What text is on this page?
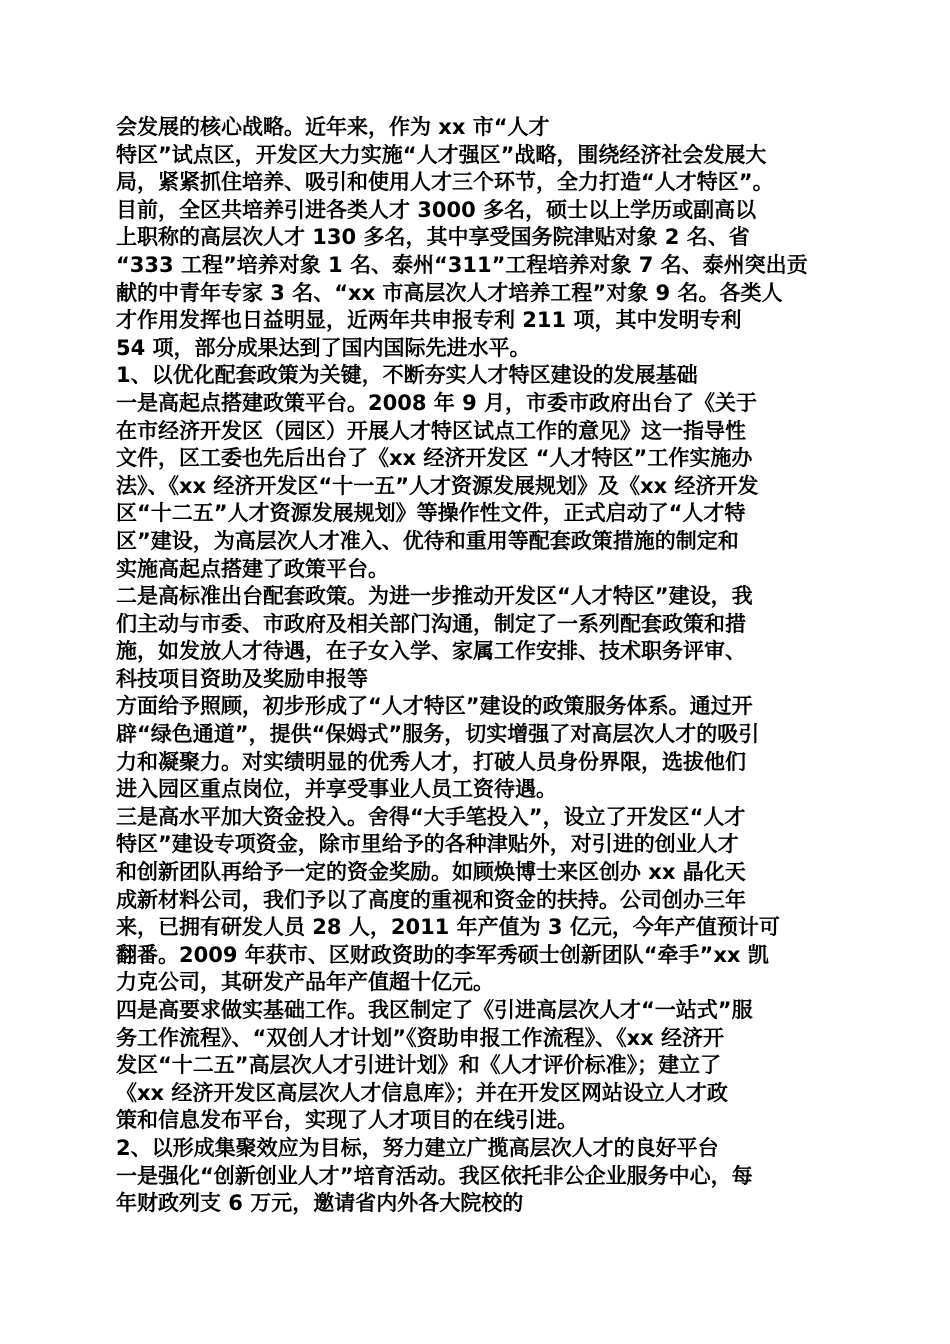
会发展的核心战略。近年来，作为 xx 市“人才
特区”试点区，开发区大力实施“人才强区”战略，围绕经济社会发展大
局，紧紧抓住培养、吸引和使用人才三个环节，全力打造“人才特区”。
目前，全区共培养引进各类人才 3000 多名，硕士以上学历或副高以
上职称的高层次人才 130 多名，其中享受国务院津贴对象 2 名、省
“333 工程”培养对象 1 名、泰州“311”工程培养对象 7 名、泰州突出贡
献的中青年专家 3 名、“xx 市高层次人才培养工程”对象 9 名。各类人
才作用发挥也日益明显，近两年共申报专利 211 项，其中发明专利
54 项，部分成果达到了国内国际先进水平。
1、以优化配套政策为关键，不断夯实人才特区建设的发展基础
一是高起点搭建政策平台。2008 年 9 月，市委市政府出台了《关于
在市经济开发区（园区）开展人才特区试点工作的意见》这一指导性
文件，区工委也先后出台了《xx 经济开发区 “人才特区”工作实施办
法》、《xx 经济开发区“十一五”人才资源发展规划》及《xx 经济开发
区“十二五”人才资源发展规划》等操作性文件，正式启动了“人才特
区”建设，为高层次人才准入、优待和重用等配套政策措施的制定和
实施高起点搭建了政策平台。
二是高标准出台配套政策。为进一步推动开发区“人才特区”建设，我
们主动与市委、市政府及相关部门沟通，制定了一系列配套政策和措
施，如发放人才待遇，在子女入学、家属工作安排、技术职务评审、
科技项目资助及奖励申报等
方面给予照顾，初步形成了“人才特区”建设的政策服务体系。通过开
辟“绿色通道”，提供“保姆式”服务，切实增强了对高层次人才的吸引
力和凝聚力。对实绩明显的优秀人才，打破人员身份界限，选拔他们
进入园区重点岗位，并享受事业人员工资待遇。
三是高水平加大资金投入。舍得“大手笔投入”，设立了开发区“人才
特区”建设专项资金，除市里给予的各种津贴外，对引进的创业人才
和创新团队再给予一定的资金奖励。如顾焕博士来区创办 xx 晶化天
成新材料公司，我们予以了高度的重视和资金的扶持。公司创办三年
来，已拥有研发人员 28 人，2011 年产值为 3 亿元，今年产值预计可
翻番。2009 年获市、区财政资助的李军秀硕士创新团队“牵手”xx 凯
力克公司，其研发产品年产值超十亿元。
四是高要求做实基础工作。我区制定了《引进高层次人才“一站式”服
务工作流程》、“双创人才计划”《资助申报工作流程》、《xx 经济开
发区“十二五”高层次人才引进计划》和《人才评价标准》；建立了
《xx 经济开发区高层次人才信息库》；并在开发区网站设立人才政
策和信息发布平台，实现了人才项目的在线引进。
2、以形成集聚效应为目标，努力建立广揽高层次人才的良好平台
一是强化“创新创业人才”培育活动。我区依托非公企业服务中心，每
年财政列支 6 万元，邀请省内外各大院校的
